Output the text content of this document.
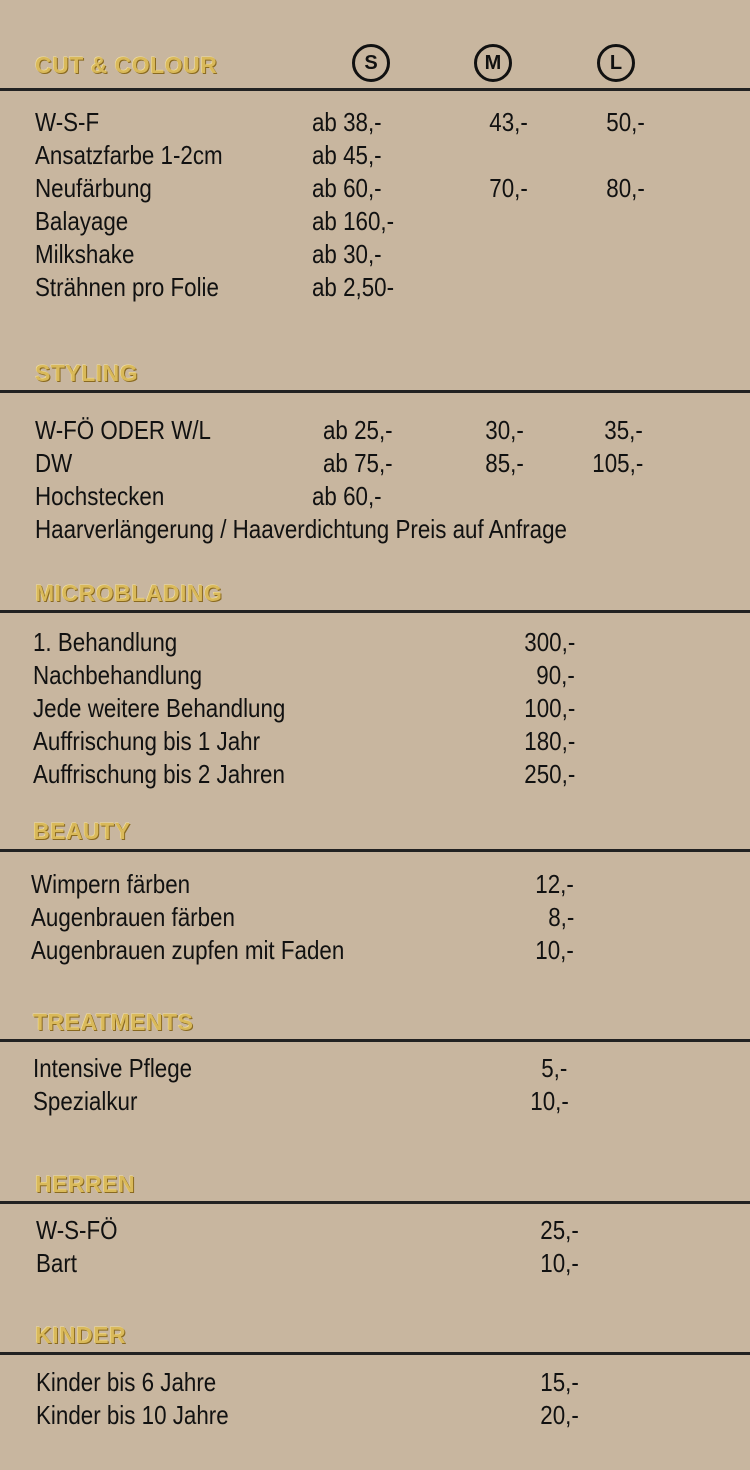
CUT & COLOUR	S	M	L
W-S-F	ab 38,-	43,-	50,-
Ansatzfarbe 1-2cm	ab 45,-
Neufärbung	ab 60,-	70,-	80,-
Balayage	ab 160,-
Milkshake	ab 30,-
Strähnen pro Folie	ab 2,50-
STYLING
W-FÖ ODER W/L	ab 25,-	30,-	35,-
DW	ab 75,-	85,-	105,-
Hochstecken	ab 60,-
Haarverlängerung / Haaverdichtung Preis auf Anfrage
MICROBLADING
1. Behandlung	300,-
Nachbehandlung	90,-
Jede weitere Behandlung	100,-
Auffrischung bis 1 Jahr	180,-
Auffrischung bis 2 Jahren	250,-
BEAUTY
Wimpern färben	12,-
Augenbrauen färben	8,-
Augenbrauen zupfen mit Faden	10,-
TREATMENTS
Intensive Pflege	5,-
Spezialkur	10,-
HERREN
W-S-FÖ	25,-
Bart	10,-
KINDER
Kinder bis 6 Jahre	15,-
Kinder bis 10 Jahre	20,-
